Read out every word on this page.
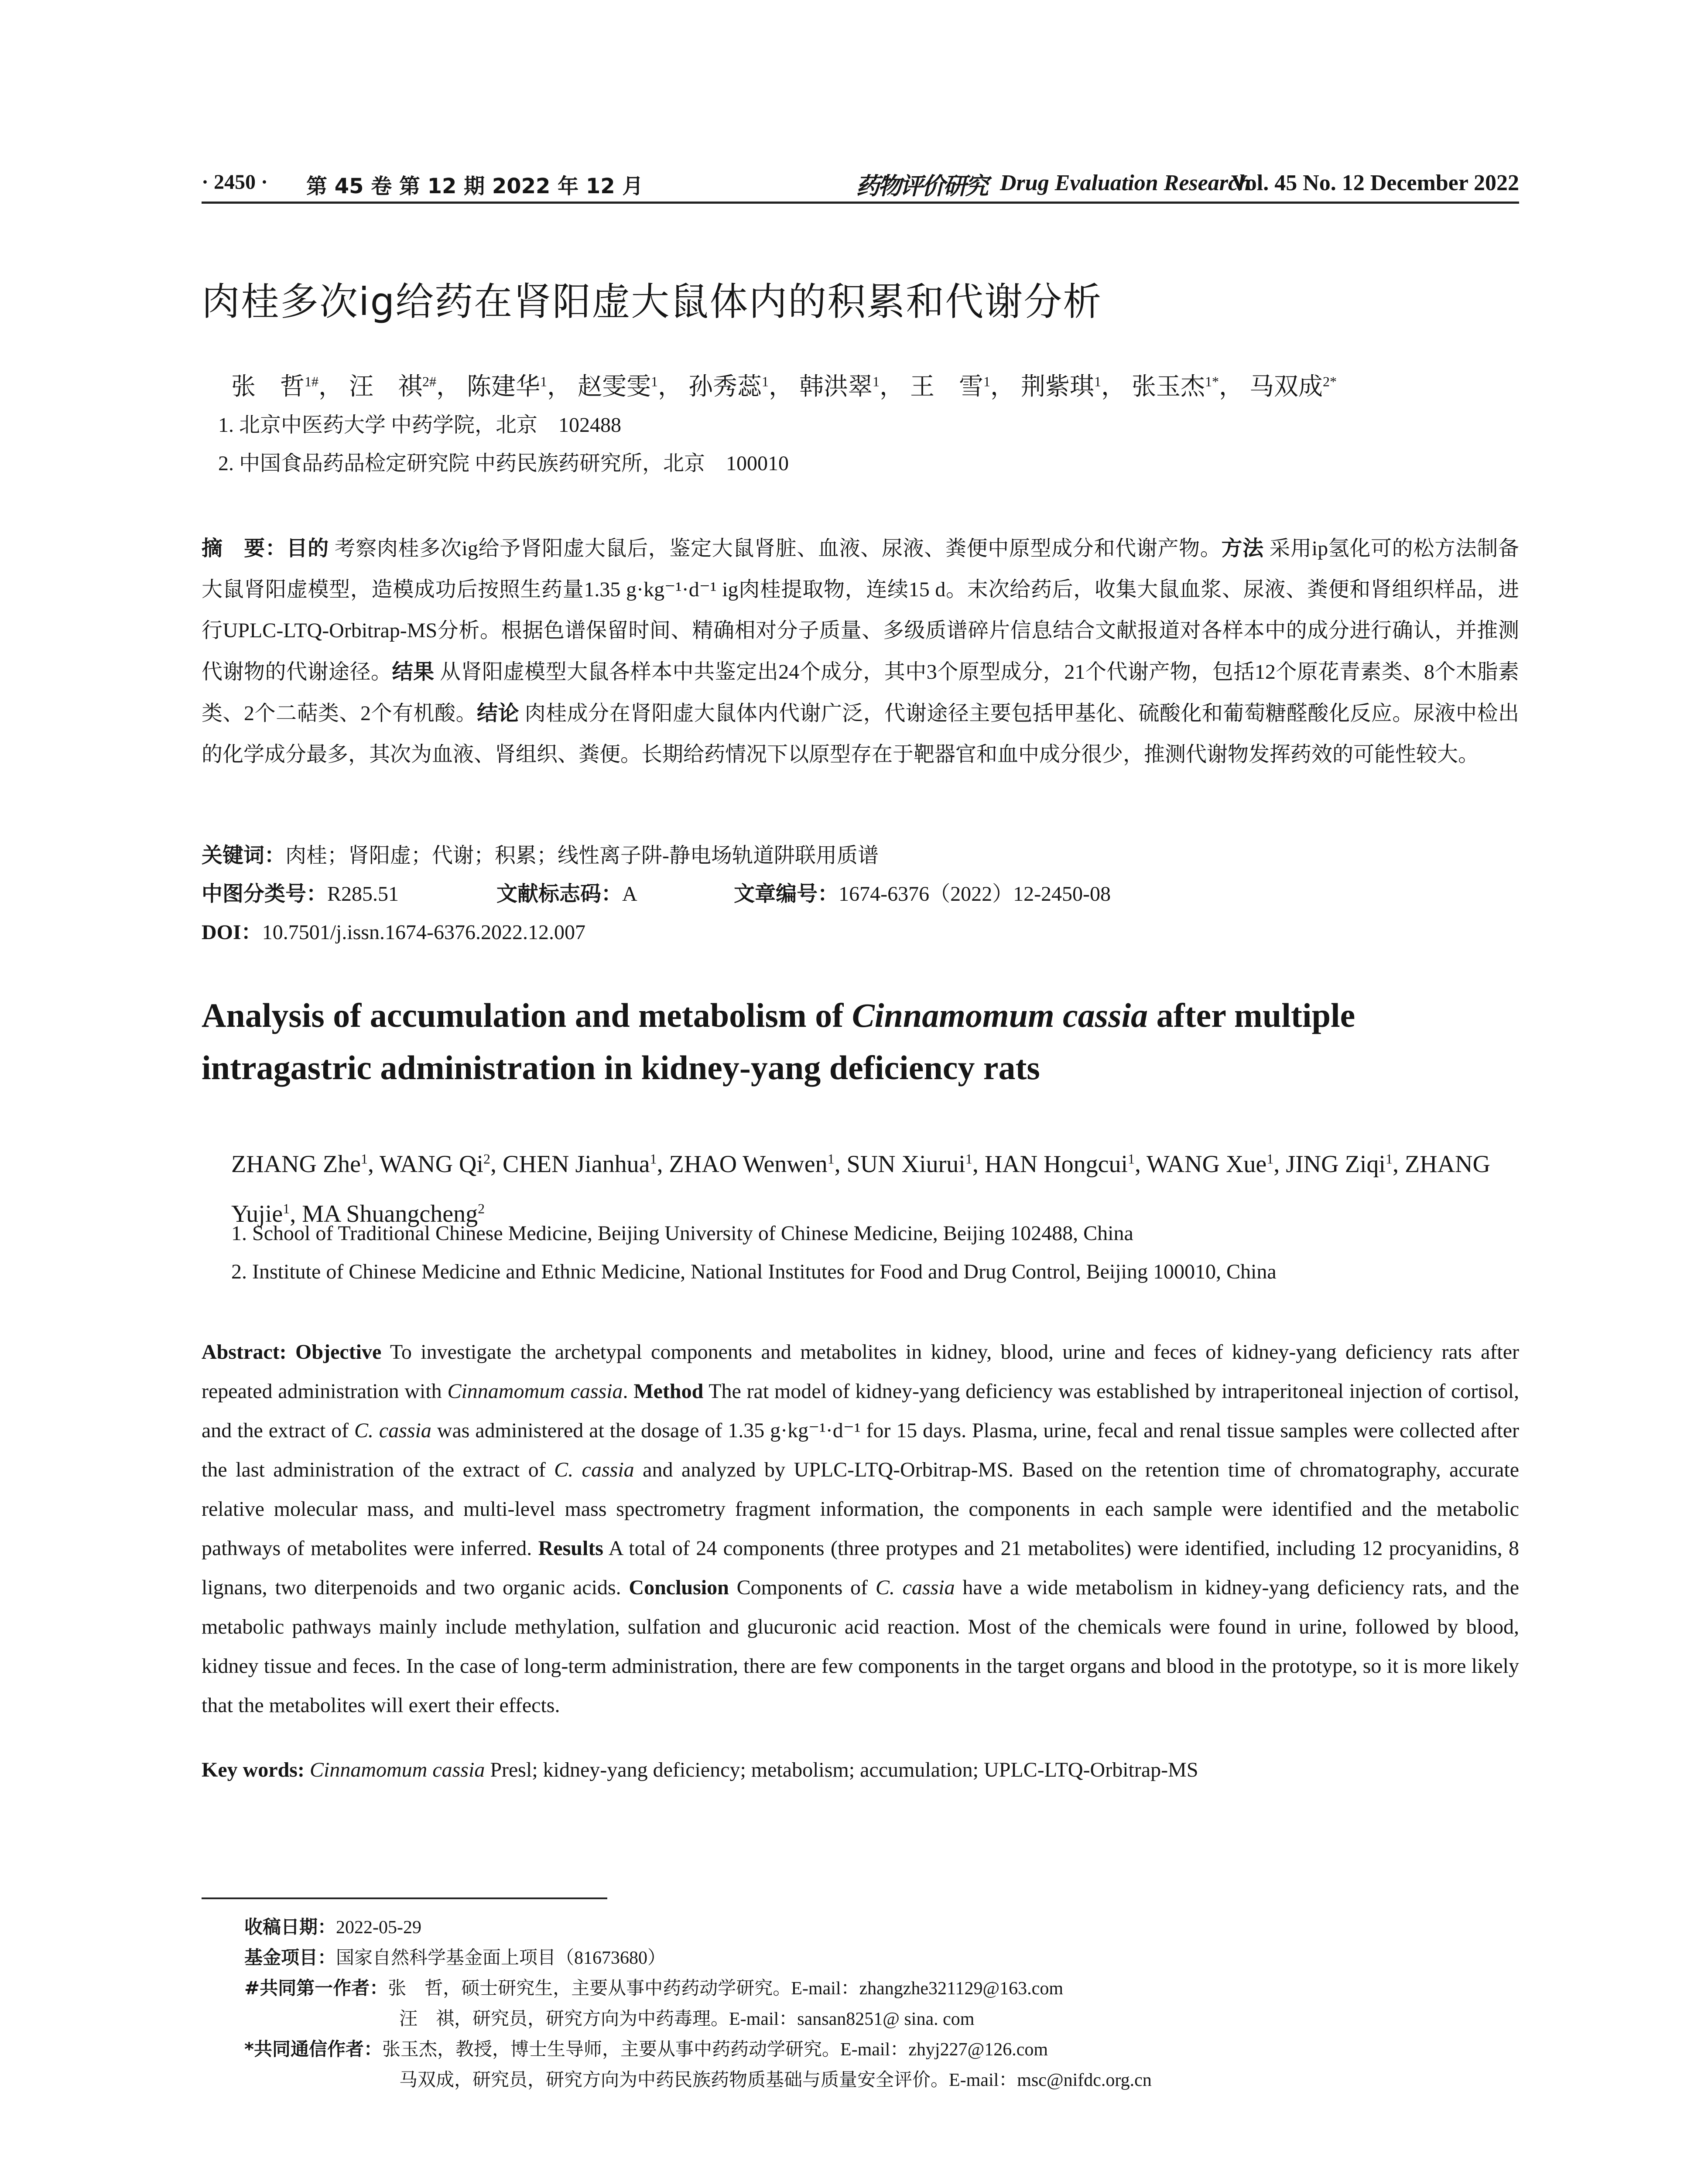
· 2450 · 第 45 卷 第 12 期 2022 年 12 月	药物评价研究 Drug Evaluation Research
Vol. 45 No. 12 December 2022
肉桂多次ig给药在肾阳虚大鼠体内的积累和代谢分析
张　哲$^{1\#}$， 汪　祺$^{2\#}$， 陈建华$^1$， 赵雯雯$^1$， 孙秀蕊$^1$， 韩洪翠$^1$， 王　雪$^1$， 荆紫琪$^1$， 张玉杰$^{1*}$， 马双成$^{2*}$
1. 北京中医药大学 中药学院，北京　102488
2. 中国食品药品检定研究院 中药民族药研究所，北京　100010
摘　要：目的 考察肉桂多次ig给予肾阳虚大鼠后，鉴定大鼠肾脏、血液、尿液、粪便中原型成分和代谢产物。方法 采用ip氢化可的松方法制备大鼠肾阳虚模型，造模成功后按照生药量1.35 g·kg⁻¹·d⁻¹ ig肉桂提取物，连续15 d。末次给药后，收集大鼠血浆、尿液、粪便和肾组织样品，进行UPLC-LTQ-Orbitrap-MS分析。根据色谱保留时间、精确相对分子质量、多级质谱碎片信息结合文献报道对各样本中的成分进行确认，并推测代谢物的代谢途径。结果 从肾阳虚模型大鼠各样本中共鉴定出24个成分，其中3个原型成分，21个代谢产物，包括12个原花青素类、8个木脂素类、2个二萜类、2个有机酸。结论 肉桂成分在肾阳虚大鼠体内代谢广泛，代谢途径主要包括甲基化、硫酸化和葡萄糖醛酸化反应。尿液中检出的化学成分最多，其次为血液、肾组织、粪便。长期给药情况下以原型存在于靶器官和血中成分很少，推测代谢物发挥药效的可能性较大。
关键词：肉桂；肾阳虚；代谢；积累；线性离子阱-静电场轨道阱联用质谱
中图分类号：R285.51	文献标志码：A	文章编号：1674-6376（2022）12-2450-08
DOI：10.7501/j.issn.1674-6376.2022.12.007
Analysis of accumulation and metabolism of Cinnamomum cassia after multiple intragastric administration in kidney-yang deficiency rats
ZHANG Zhe$^1$, WANG Qi$^2$, CHEN Jianhua$^1$, ZHAO Wenwen$^1$, SUN Xiurui$^1$, HAN Hongcui$^1$, WANG Xue$^1$, JING Ziqi$^1$, ZHANG Yujie$^1$, MA Shuangcheng$^2$
1. School of Traditional Chinese Medicine, Beijing University of Chinese Medicine, Beijing 102488, China
2. Institute of Chinese Medicine and Ethnic Medicine, National Institutes for Food and Drug Control, Beijing 100010, China
Abstract: Objective To investigate the archetypal components and metabolites in kidney, blood, urine and feces of kidney-yang deficiency rats after repeated administration with Cinnamomum cassia. Method The rat model of kidney-yang deficiency was established by intraperitoneal injection of cortisol, and the extract of C. cassia was administered at the dosage of 1.35 g·kg⁻¹·d⁻¹ for 15 days. Plasma, urine, fecal and renal tissue samples were collected after the last administration of the extract of C. cassia and analyzed by UPLC-LTQ-Orbitrap-MS. Based on the retention time of chromatography, accurate relative molecular mass, and multi-level mass spectrometry fragment information, the components in each sample were identified and the metabolic pathways of metabolites were inferred. Results A total of 24 components (three protypes and 21 metabolites) were identified, including 12 procyanidins, 8 lignans, two diterpenoids and two organic acids. Conclusion Components of C. cassia have a wide metabolism in kidney-yang deficiency rats, and the metabolic pathways mainly include methylation, sulfation and glucuronic acid reaction. Most of the chemicals were found in urine, followed by blood, kidney tissue and feces. In the case of long-term administration, there are few components in the target organs and blood in the prototype, so it is more likely that the metabolites will exert their effects.
Key words: Cinnamomum cassia Presl; kidney-yang deficiency; metabolism; accumulation; UPLC-LTQ-Orbitrap-MS
收稿日期：2022-05-29
基金项目：国家自然科学基金面上项目（81673680）
#共同第一作者：张　哲，硕士研究生，主要从事中药药动学研究。E-mail：zhangzhe321129@163.com
汪　祺，研究员，研究方向为中药毒理。E-mail：sansan8251@ sina. com
*共同通信作者：张玉杰，教授，博士生导师，主要从事中药药动学研究。E-mail：zhyj227@126.com
马双成，研究员，研究方向为中药民族药物质基础与质量安全评价。E-mail：msc@nifdc.org.cn
